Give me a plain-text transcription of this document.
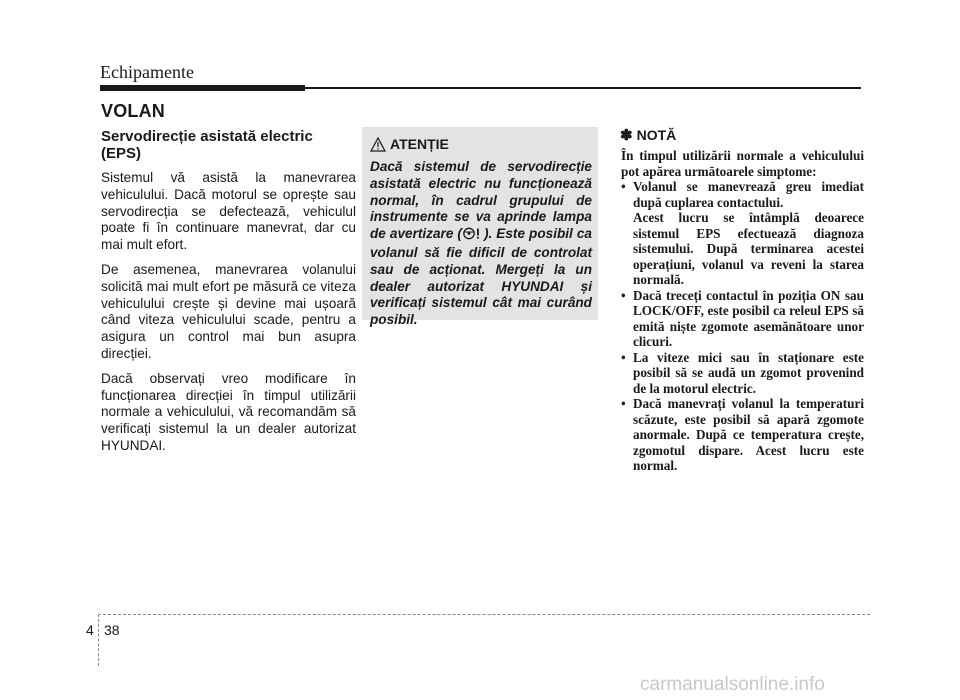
Echipamente
VOLAN

Servodirecție asistată electric (EPS)

Sistemul vă asistă la manevrarea vehiculului. Dacă motorul se oprește sau servodirecția se defectează, vehiculul poate fi în continuare manevrat, dar cu mai mult efort.

De asemenea, manevrarea volanului solicită mai mult efort pe măsură ce viteza vehiculului crește și devine mai ușoară când viteza vehiculului scade, pentru a asigura un control mai bun asupra direcției.

Dacă observați vreo modificare în funcționarea direcției în timpul utilizării normale a vehiculului, vă recomandăm să verificați sistemul la un dealer autorizat HYUNDAI.

ATENȚIE
Dacă sistemul de servodirecție asistată electric nu funcționează normal, în cadrul grupului de instrumente se va aprinde lampa de avertizare ( ). Este posibil ca volanul să fie dificil de controlat sau de acționat. Mergeți la un dealer autorizat HYUNDAI și verificați sistemul cât mai curând posibil.
✽ NOTĂ

În timpul utilizării normale a vehiculului pot apărea următoarele simptome:

• Volanul se manevrează greu imediat după cuplarea contactului.

Acest lucru se întâmplă deoarece sistemul EPS efectuează diagnoza sistemului. După terminarea acestei operațiuni, volanul va reveni la starea normală.

• Dacă treceți contactul în poziția ON sau LOCK/OFF, este posibil ca releul EPS să emită niște zgomote asemănătoare unor clicuri.

• La viteze mici sau în staționare este posibil să se audă un zgomot provenind de la motorul electric.

• Dacă manevrați volanul la temperaturi scăzute, este posibil să apară zgomote anormale. După ce temperatura crește, zgomotul dispare. Acest lucru este normal.

4 38
carmanualsonline.info
